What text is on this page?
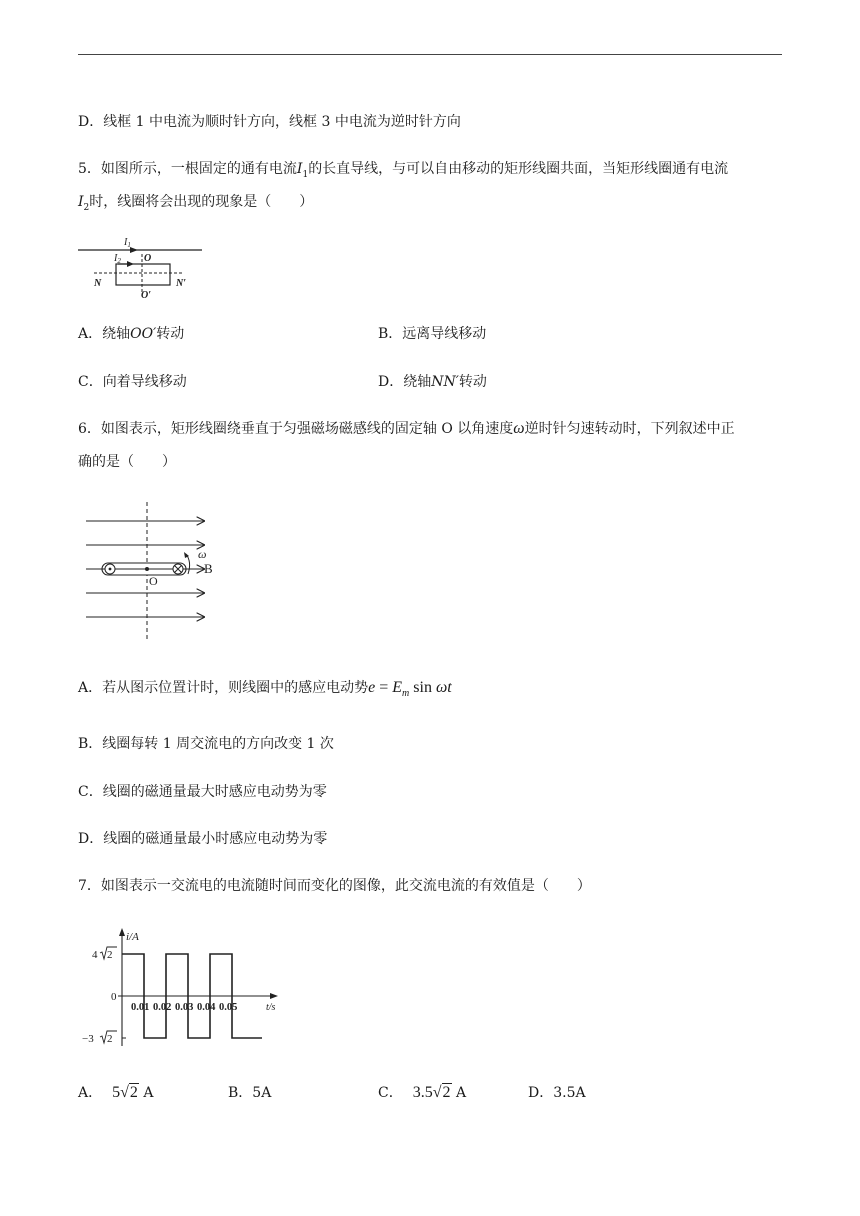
D．线框 1 中电流为顺时针方向，线框 3 中电流为逆时针方向
5．如图所示，一根固定的通有电流$I_1$的长直导线，与可以自由移动的矩形线圈共面，当矩形线圈通有电流
$I_2$时，线圈将会出现的现象是（　　）
$I_1$
$I_2$ O
O′
N	N′
A．绕轴OO′转动	B．远离导线移动
C．向着导线移动	D．绕轴NN′转动
6．如图表示，矩形线圈绕垂直于匀强磁场磁感线的固定轴 O 以角速度ω逆时针匀速转动时，下列叙述中正
确的是（　　）
ω
B
O
A．若从图示位置计时，则线圈中的感应电动势$e = E_m$ sin ωt
B．线圈每转 1 周交流电的方向改变 1 次
C．线圈的磁通量最大时感应电动势为零
D．线圈的磁通量最小时感应电动势为零
7．如图表示一交流电的电流随时间而变化的图像，此交流电流的有效值是（　　）
i/A
t/s
0
4 2
−3 2
0.01 0.02 0.03 0.04 0.05
A． 5√2 A	B．5A	C． 3.5√2 A	D．3.5A
